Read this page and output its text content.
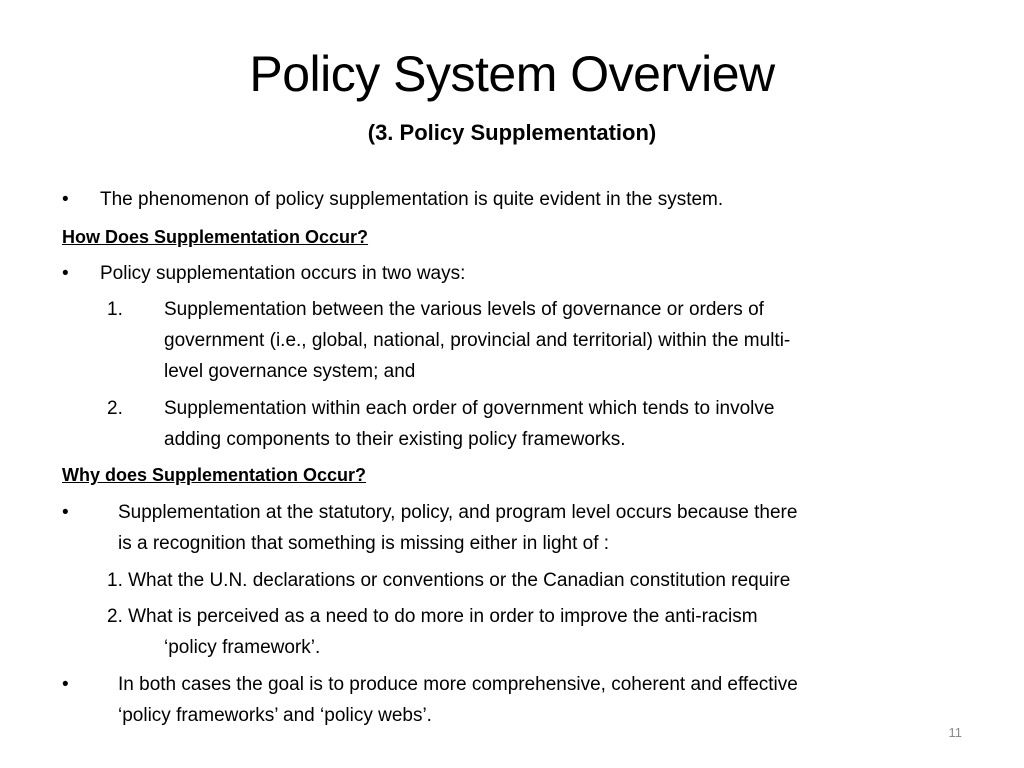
Policy System Overview
(3. Policy Supplementation)
• The phenomenon of policy supplementation is quite evident in the system.
How Does Supplementation Occur?
• Policy supplementation occurs in two ways:
1. Supplementation between the various levels of governance or orders of
government (i.e., global, national, provincial and territorial) within the multi-
level governance system; and
2. Supplementation within each order of government which tends to involve
adding components to their existing policy frameworks.
Why does Supplementation Occur?
•	Supplementation at the statutory, policy, and program level occurs because there
is a recognition that something is missing either in light of :
1. What the U.N. declarations or conventions or the Canadian constitution require
2. What is perceived as a need to do more in order to improve the anti-racism
‘policy framework’.
•	In both cases the goal is to produce more comprehensive, coherent and effective
‘policy frameworks’ and ‘policy webs’.
11
